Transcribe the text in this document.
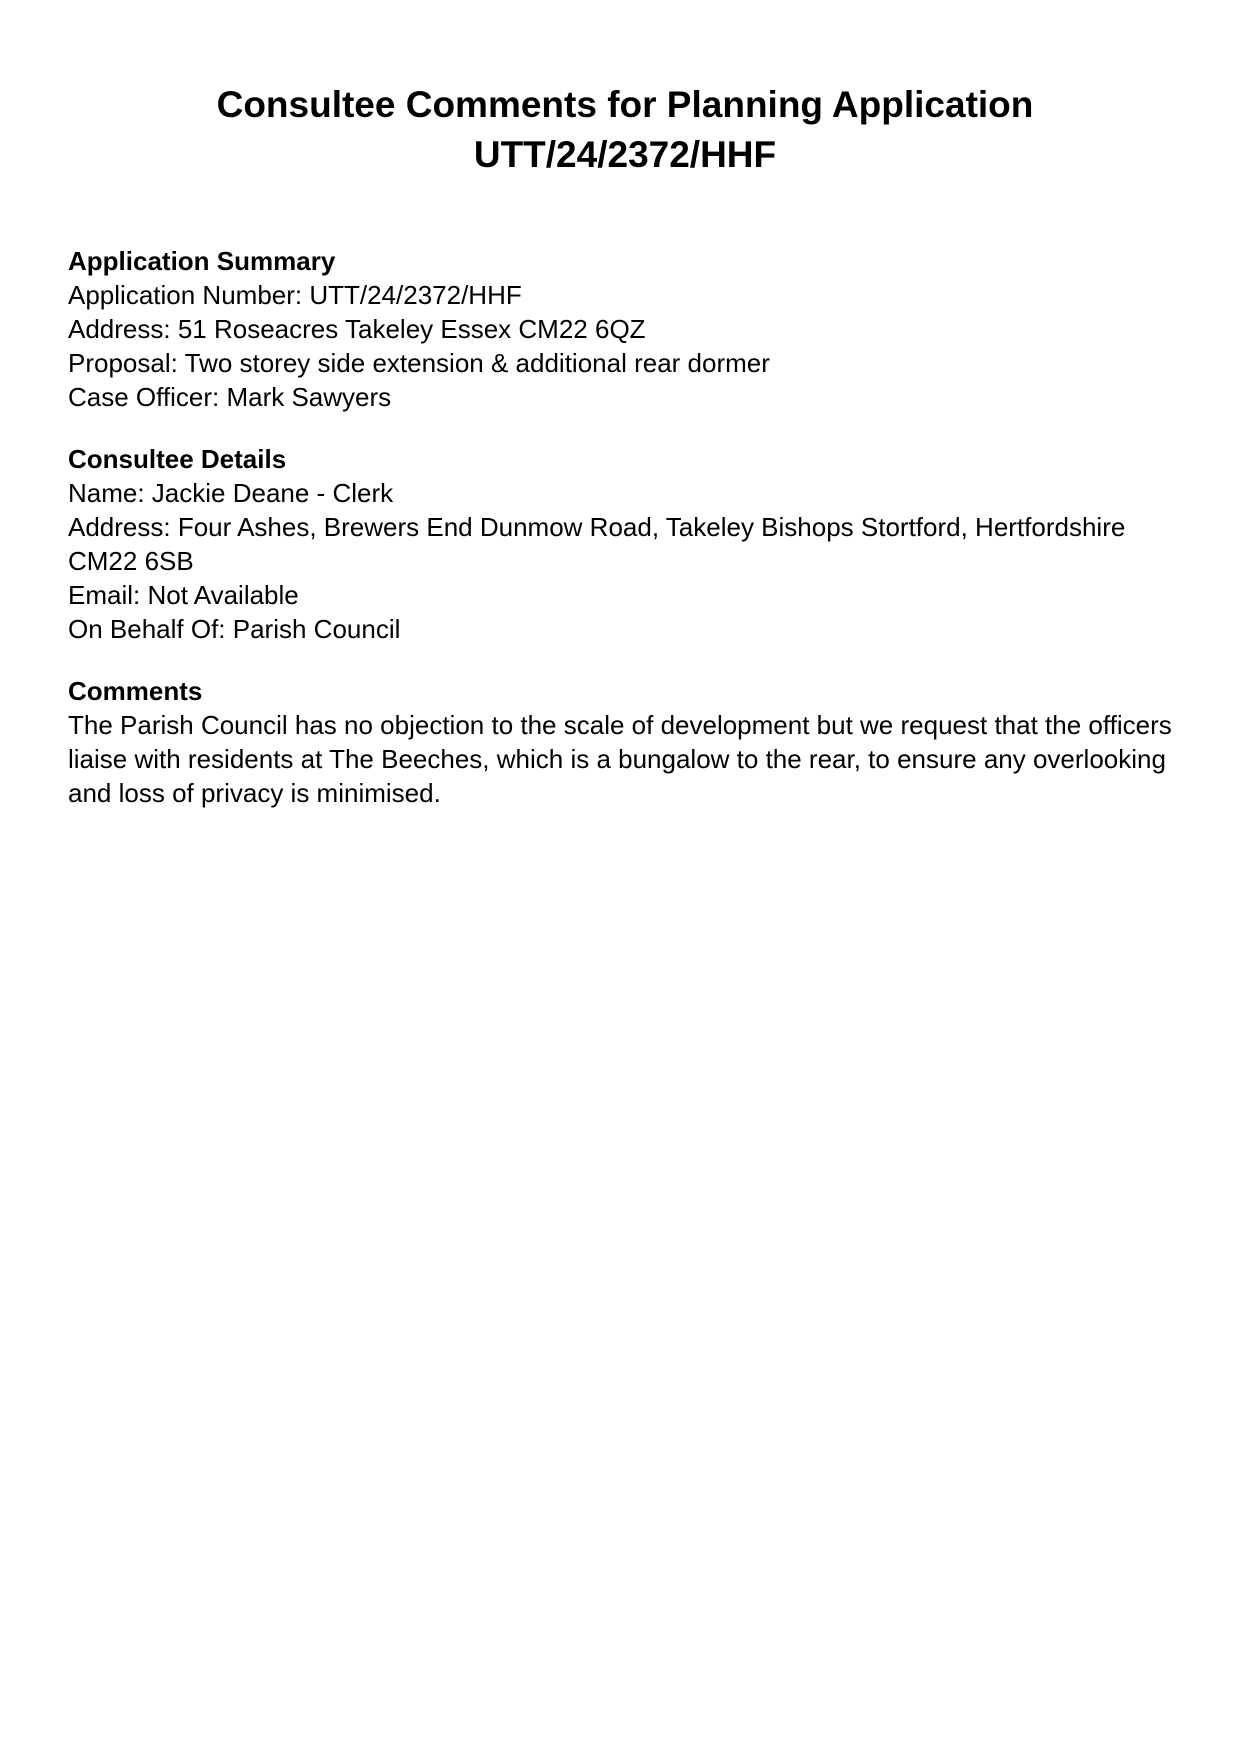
Consultee Comments for Planning Application
UTT/24/2372/HHF
Application Summary

Application Number: UTT/24/2372/HHF

Address: 51 Roseacres Takeley Essex CM22 6QZ

Proposal: Two storey side extension & additional rear dormer

Case Officer: Mark Sawyers

Consultee Details

Name: Jackie Deane - Clerk

Address: Four Ashes, Brewers End Dunmow Road, Takeley Bishops Stortford, Hertfordshire CM22 6SB

Email: Not Available

On Behalf Of: Parish Council

Comments

The Parish Council has no objection to the scale of development but we request that the officers liaise with residents at The Beeches, which is a bungalow to the rear, to ensure any overlooking and loss of privacy is minimised.
